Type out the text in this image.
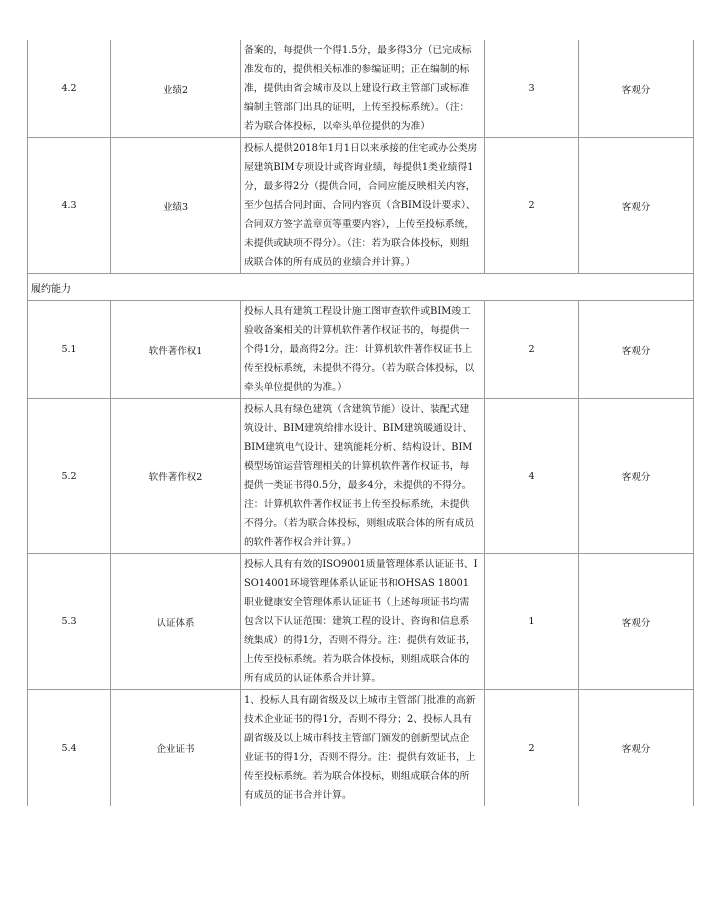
4.2	业绩2	备案的，每提供一个得1.5分，最多得3分（已完成标准发布的，提供相关标准的参编证明；正在编制的标准，提供由省会城市及以上建设行政主管部门或标准编制主管部门出具的证明，上传至投标系统）。（注：若为联合体投标，以牵头单位提供的为准）	3	客观分
4.3	业绩3	投标人提供2018年1月1日以来承接的住宅或办公类房屋建筑BIM专项设计或咨询业绩，每提供1类业绩得1分，最多得2分（提供合同，合同应能反映相关内容，至少包括合同封面、合同内容页（含BIM设计要求）、合同双方签字盖章页等重要内容），上传至投标系统，未提供或缺项不得分）。（注：若为联合体投标，则组成联合体的所有成员的业绩合并计算。）	2	客观分
履约能力				
5.1	软件著作权1	投标人具有建筑工程设计施工图审查软件或BIM竣工验收备案相关的计算机软件著作权证书的，每提供一个得1分，最高得2分。注：计算机软件著作权证书上传至投标系统，未提供不得分。（若为联合体投标，以牵头单位提供的为准。）	2	客观分
5.2	软件著作权2	投标人具有绿色建筑（含建筑节能）设计、装配式建筑设计、BIM建筑给排水设计、BIM建筑暖通设计、BIM建筑电气设计、建筑能耗分析、结构设计、BIM模型场馆运营管理相关的计算机软件著作权证书，每提供一类证书得0.5分，最多4分，未提供的不得分。注：计算机软件著作权证书上传至投标系统，未提供不得分。（若为联合体投标，则组成联合体的所有成员的软件著作权合并计算。）	4	客观分
5.3	认证体系	投标人具有有效的ISO9001质量管理体系认证证书、ISO14001环境管理体系认证证书和OHSAS 18001 职业健康安全管理体系认证证书（上述每项证书均需包含以下认证范围：建筑工程的设计、咨询和信息系统集成）的得1分，否则不得分。注：提供有效证书，上传至投标系统。若为联合体投标，则组成联合体的所有成员的认证体系合并计算。	1	客观分
5.4	企业证书	1、投标人具有副省级及以上城市主管部门批准的高新技术企业证书的得1分，否则不得分；2、投标人具有副省级及以上城市科技主管部门颁发的创新型试点企业证书的得1分，否则不得分。注：提供有效证书，上传至投标系统。若为联合体投标，则组成联合体的所有成员的证书合并计算。	2	客观分
